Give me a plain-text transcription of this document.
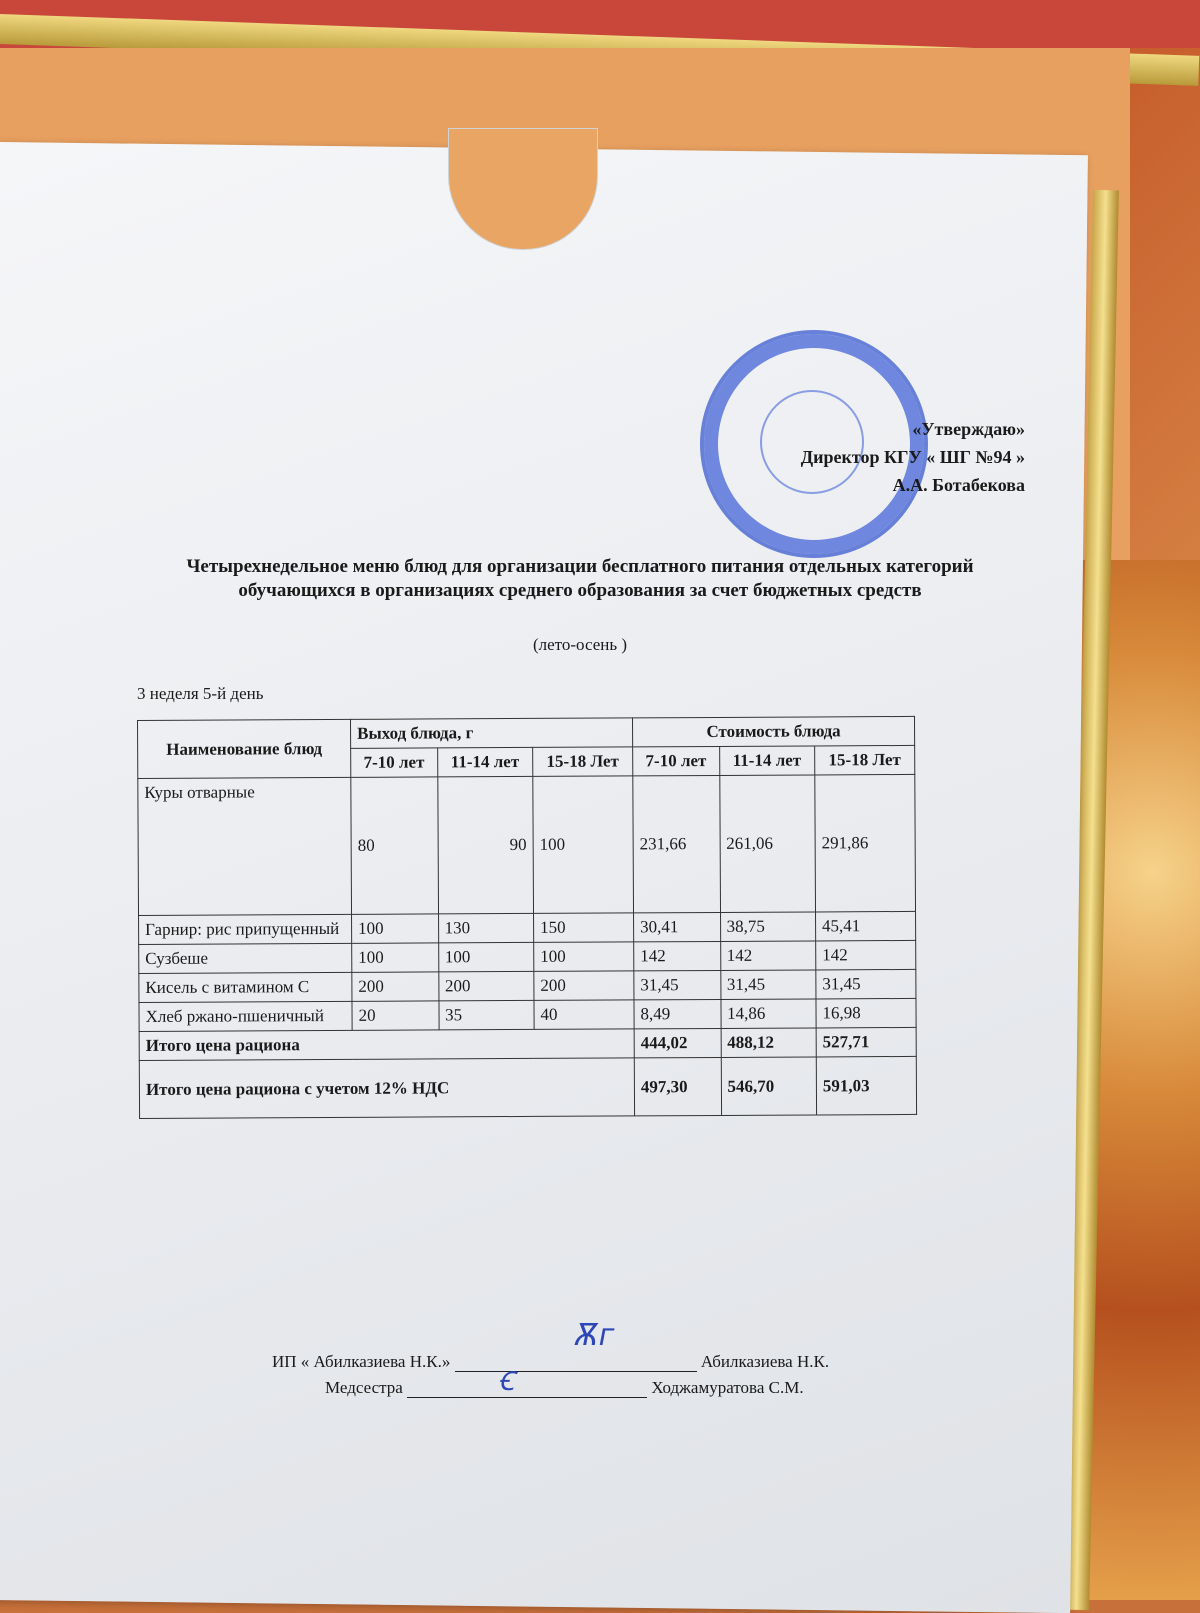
«Утверждаю»
Директор КГУ « ШГ №94 »
А.А. Ботабекова
Четырехнедельное меню блюд для организации бесплатного питания отдельных категорий обучающихся в организациях среднего образования за счет бюджетных средств
(лето-осень )
3 неделя 5-й день
Наименование блюд	Выход блюда, г			Стоимость блюда		
	7-10 лет	11-14 лет	15-18 Лет	7-10 лет	11-14 лет	15-18 Лет
Куры отварные	80	90	100	231,66	261,06	291,86
Гарнир: рис припущенный	100	130	150	30,41	38,75	45,41
Сузбеше	100	100	100	142	142	142
Кисель с витамином С	200	200	200	31,45	31,45	31,45
Хлеб ржано-пшеничный	20	35	40	8,49	14,86	16,98
Итого цена рациона				444,02	488,12	527,71
Итого цена рациона с учетом 12% НДС				497,30	546,70	591,03
ИП « Абилказиева Н.К.»	Абилказиева Н.К.
Ѫг
Медсестра	Ходжамуратова С.М.
Ꞓ
